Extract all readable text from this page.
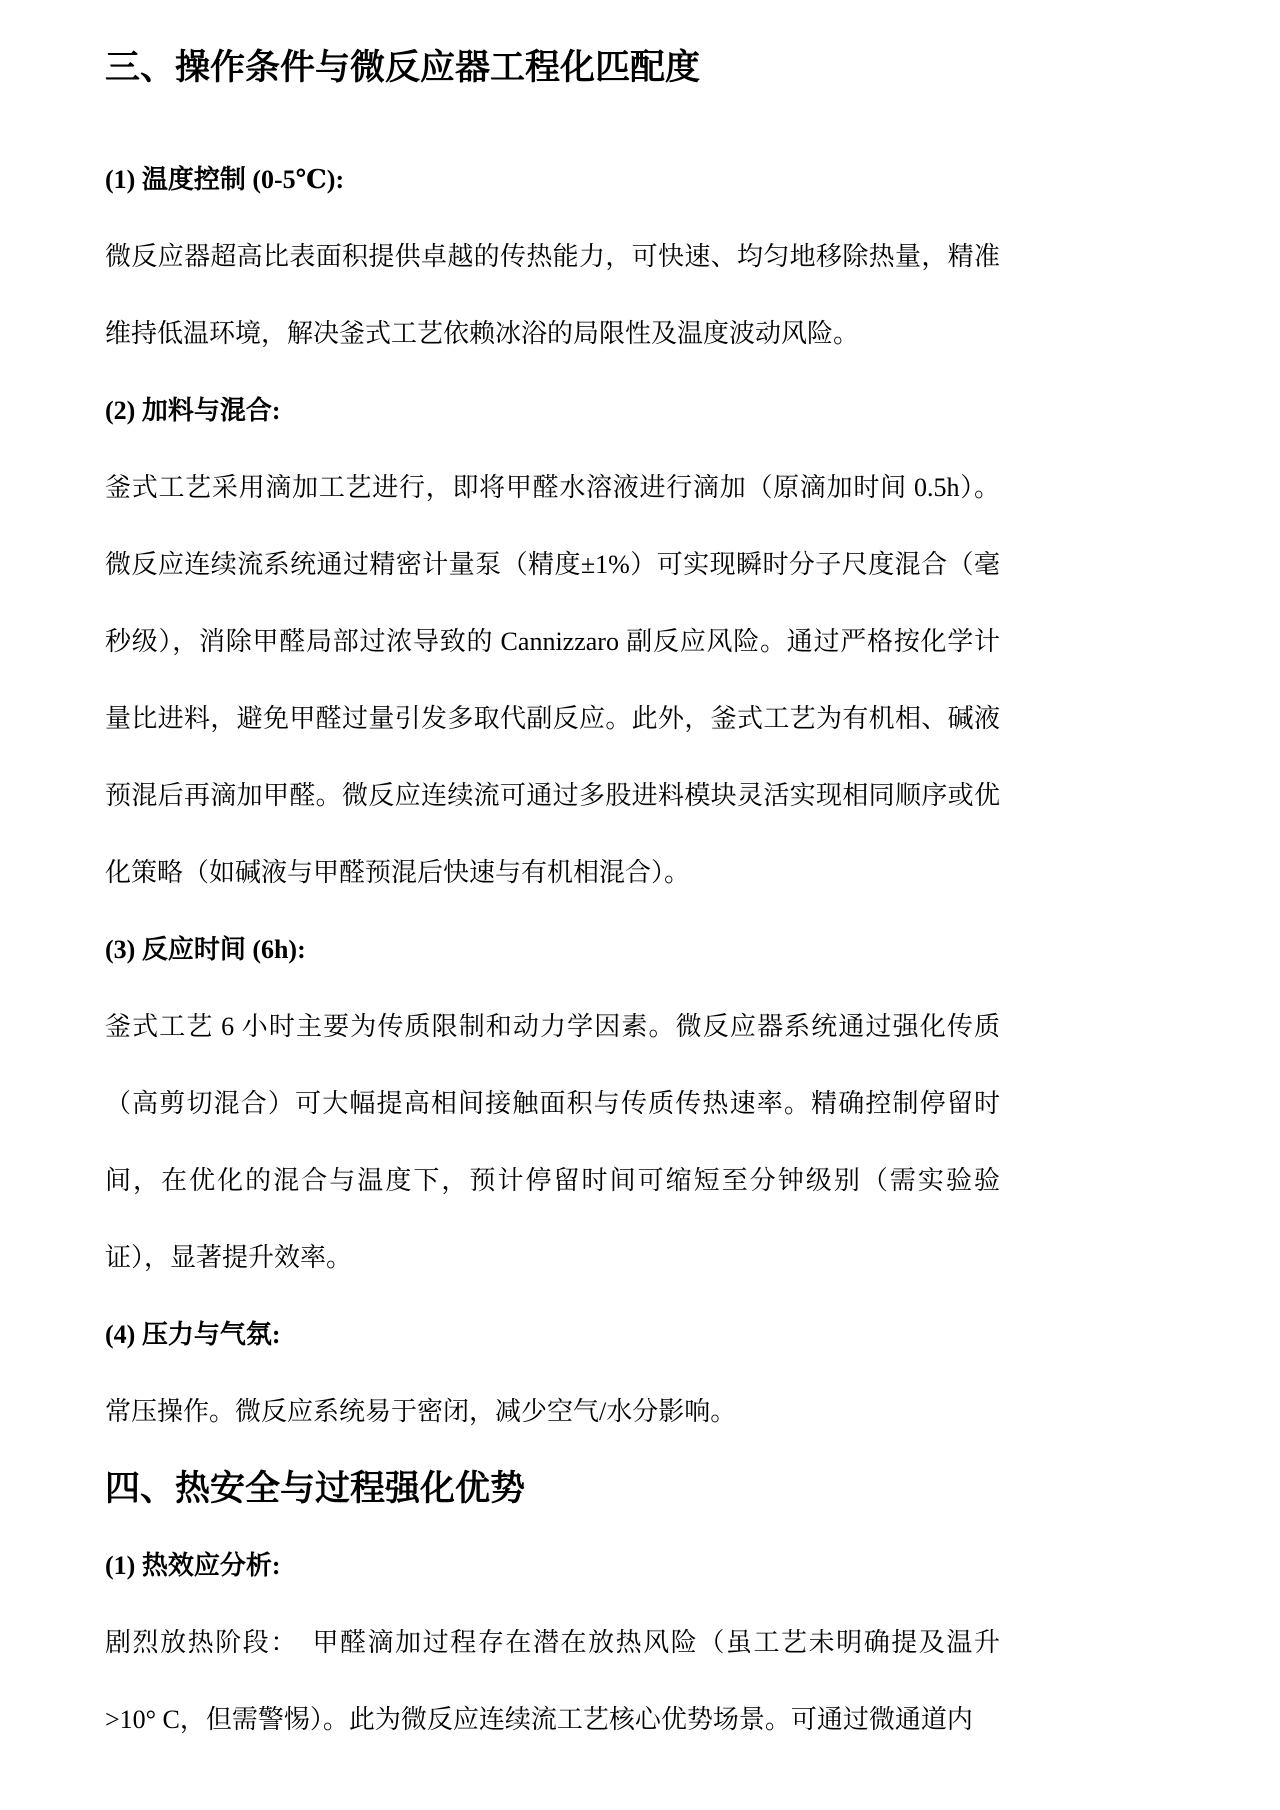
三、操作条件与微反应器工程化匹配度
(1) 温度控制 (0-5℃):

微反应器超高比表面积提供卓越的传热能力，可快速、均匀地移除热量，精准维持低温环境，解决釜式工艺依赖冰浴的局限性及温度波动风险。

(2) 加料与混合:

釜式工艺采用滴加工艺进行，即将甲醛水溶液进行滴加（原滴加时间 0.5h）。微反应连续流系统通过精密计量泵（精度±1%）可实现瞬时分子尺度混合（毫秒级），消除甲醛局部过浓导致的 Cannizzaro 副反应风险。通过严格按化学计量比进料，避免甲醛过量引发多取代副反应。此外，釜式工艺为有机相、碱液预混后再滴加甲醛。微反应连续流可通过多股进料模块灵活实现相同顺序或优化策略（如碱液与甲醛预混后快速与有机相混合）。

(3) 反应时间 (6h):

釜式工艺 6 小时主要为传质限制和动力学因素。微反应器系统通过强化传质（高剪切混合）可大幅提高相间接触面积与传质传热速率。精确控制停留时间，在优化的混合与温度下，预计停留时间可缩短至分钟级别（需实验验证），显著提升效率。

(4) 压力与气氛:

常压操作。微反应系统易于密闭，减少空气/水分影响。

四、热安全与过程强化优势
(1) 热效应分析:

剧烈放热阶段：　甲醛滴加过程存在潜在放热风险（虽工艺未明确提及温升>10° C，但需警惕）。此为微反应连续流工艺核心优势场景。可通过微通道内
